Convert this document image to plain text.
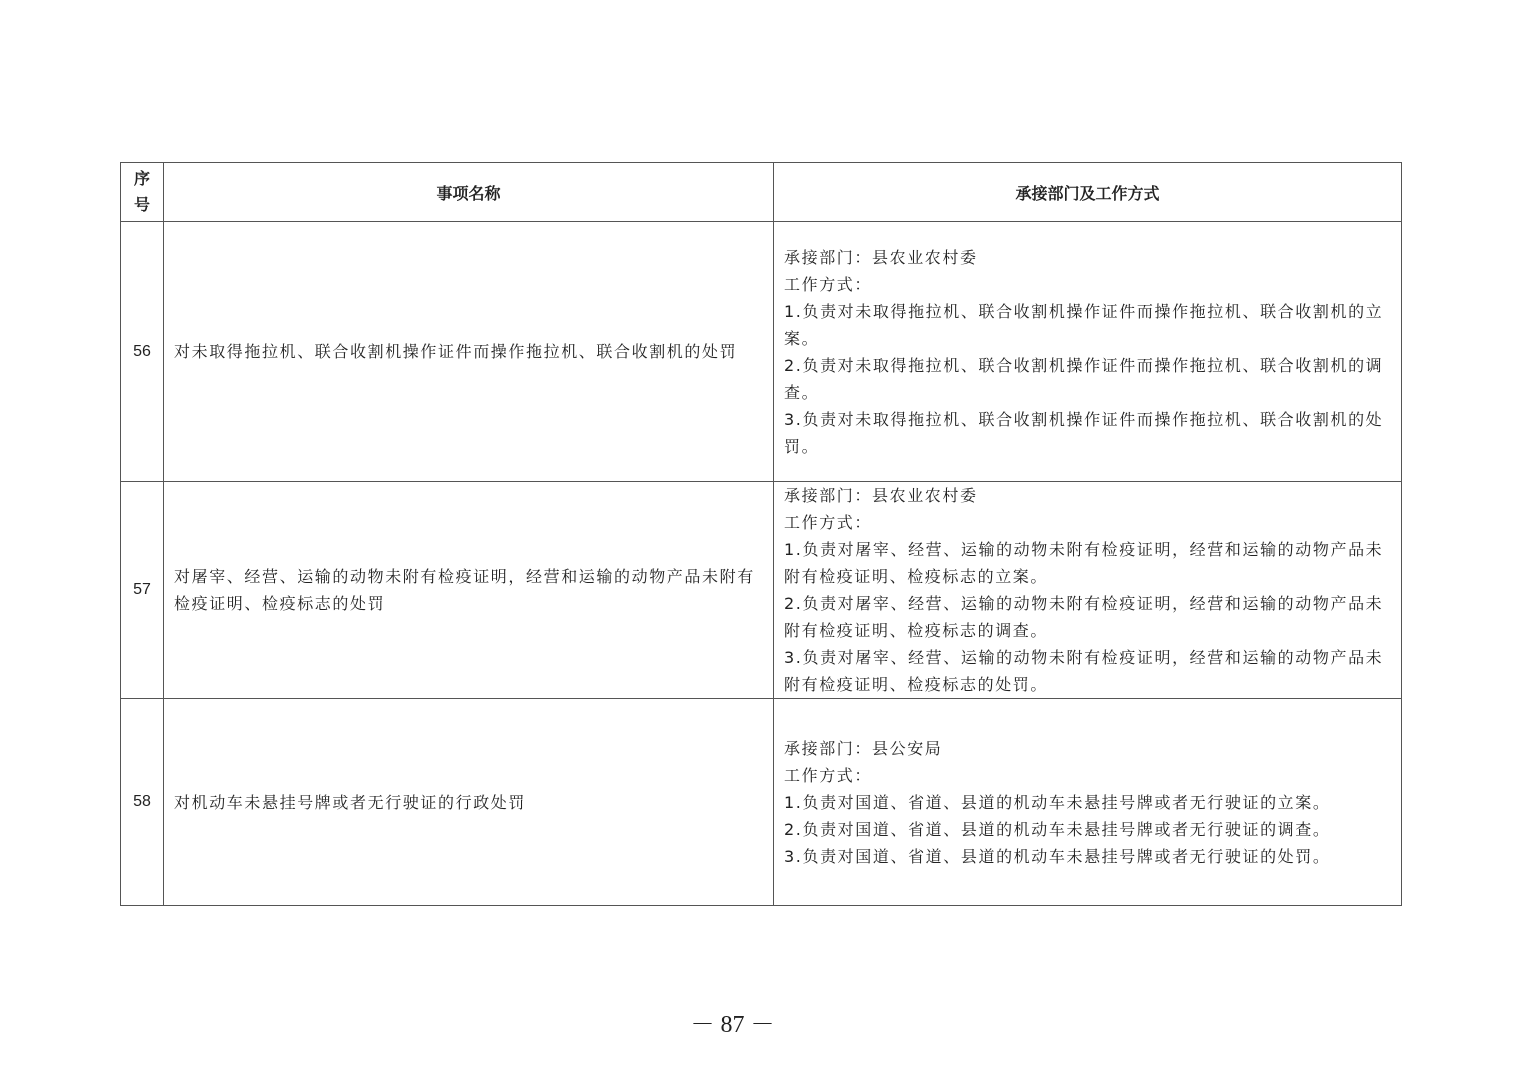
序
号	事项名称	承接部门及工作方式
56	对未取得拖拉机、联合收割机操作证件而操作拖拉机、联合收割机的处罚	承接部门：县农业农村委
工作方式：
1.负责对未取得拖拉机、联合收割机操作证件而操作拖拉机、联合收割机的立案。
2.负责对未取得拖拉机、联合收割机操作证件而操作拖拉机、联合收割机的调查。
3.负责对未取得拖拉机、联合收割机操作证件而操作拖拉机、联合收割机的处罚。

57	对屠宰、经营、运输的动物未附有检疫证明，经营和运输的动物产品未附有检疫证明、检疫标志的处罚	承接部门：县农业农村委
工作方式：
1.负责对屠宰、经营、运输的动物未附有检疫证明，经营和运输的动物产品未附有检疫证明、检疫标志的立案。
2.负责对屠宰、经营、运输的动物未附有检疫证明，经营和运输的动物产品未附有检疫证明、检疫标志的调查。
3.负责对屠宰、经营、运输的动物未附有检疫证明，经营和运输的动物产品未附有检疫证明、检疫标志的处罚。

58	对机动车未悬挂号牌或者无行驶证的行政处罚	承接部门：县公安局
工作方式：
1.负责对国道、省道、县道的机动车未悬挂号牌或者无行驶证的立案。
2.负责对国道、省道、县道的机动车未悬挂号牌或者无行驶证的调查。
3.负责对国道、省道、县道的机动车未悬挂号牌或者无行驶证的处罚。
－ 87 －
